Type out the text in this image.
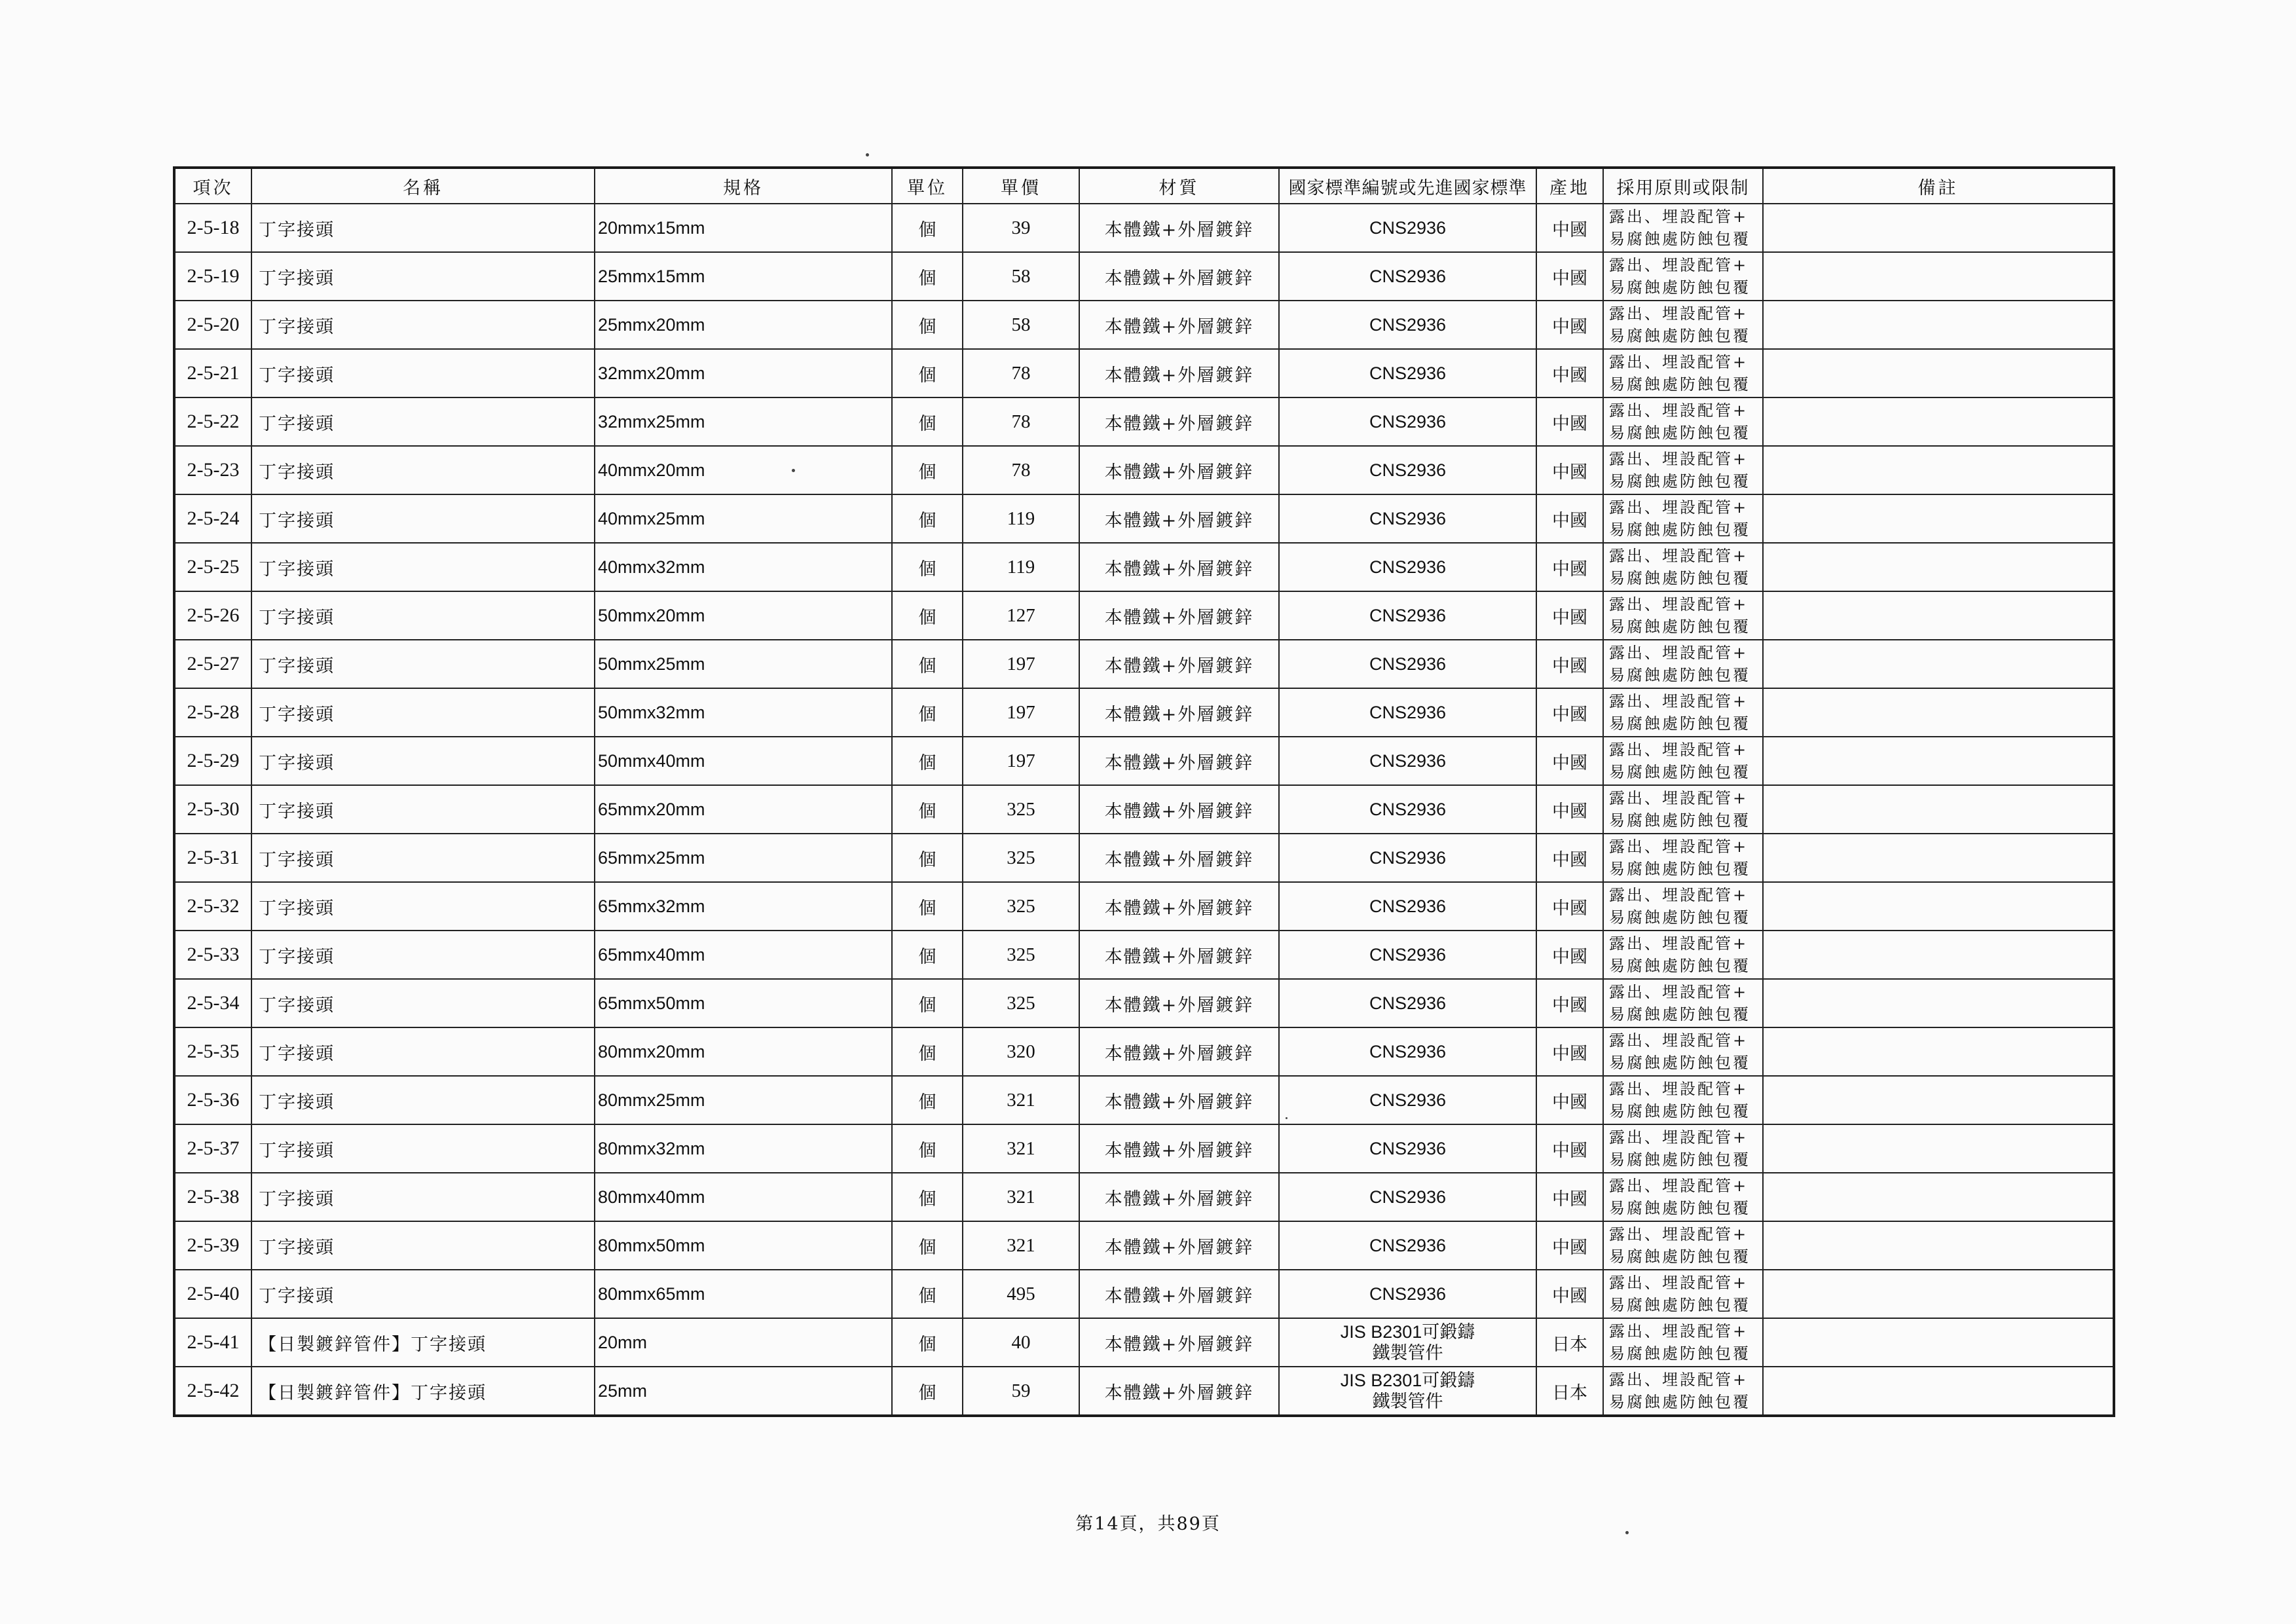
項次	名稱	規格	單位	單價	材質	國家標準編號或先進國家標準	產地	採用原則或限制	備註
2-5-18	丁字接頭	20mmx15mm	個	39	本體鐵+外層鍍鋅	CNS2936	中國	露出、埋設配管+
易腐蝕處防蝕包覆	

2-5-19	丁字接頭	25mmx15mm	個	58	本體鐵+外層鍍鋅	CNS2936	中國	露出、埋設配管+
易腐蝕處防蝕包覆	

2-5-20	丁字接頭	25mmx20mm	個	58	本體鐵+外層鍍鋅	CNS2936	中國	露出、埋設配管+
易腐蝕處防蝕包覆	

2-5-21	丁字接頭	32mmx20mm	個	78	本體鐵+外層鍍鋅	CNS2936	中國	露出、埋設配管+
易腐蝕處防蝕包覆	

2-5-22	丁字接頭	32mmx25mm	個	78	本體鐵+外層鍍鋅	CNS2936	中國	露出、埋設配管+
易腐蝕處防蝕包覆	

2-5-23	丁字接頭	40mmx20mm	個	78	本體鐵+外層鍍鋅	CNS2936	中國	露出、埋設配管+
易腐蝕處防蝕包覆	

2-5-24	丁字接頭	40mmx25mm	個	119	本體鐵+外層鍍鋅	CNS2936	中國	露出、埋設配管+
易腐蝕處防蝕包覆	

2-5-25	丁字接頭	40mmx32mm	個	119	本體鐵+外層鍍鋅	CNS2936	中國	露出、埋設配管+
易腐蝕處防蝕包覆	

2-5-26	丁字接頭	50mmx20mm	個	127	本體鐵+外層鍍鋅	CNS2936	中國	露出、埋設配管+
易腐蝕處防蝕包覆	

2-5-27	丁字接頭	50mmx25mm	個	197	本體鐵+外層鍍鋅	CNS2936	中國	露出、埋設配管+
易腐蝕處防蝕包覆	

2-5-28	丁字接頭	50mmx32mm	個	197	本體鐵+外層鍍鋅	CNS2936	中國	露出、埋設配管+
易腐蝕處防蝕包覆	

2-5-29	丁字接頭	50mmx40mm	個	197	本體鐵+外層鍍鋅	CNS2936	中國	露出、埋設配管+
易腐蝕處防蝕包覆	

2-5-30	丁字接頭	65mmx20mm	個	325	本體鐵+外層鍍鋅	CNS2936	中國	露出、埋設配管+
易腐蝕處防蝕包覆	

2-5-31	丁字接頭	65mmx25mm	個	325	本體鐵+外層鍍鋅	CNS2936	中國	露出、埋設配管+
易腐蝕處防蝕包覆	

2-5-32	丁字接頭	65mmx32mm	個	325	本體鐵+外層鍍鋅	CNS2936	中國	露出、埋設配管+
易腐蝕處防蝕包覆	

2-5-33	丁字接頭	65mmx40mm	個	325	本體鐵+外層鍍鋅	CNS2936	中國	露出、埋設配管+
易腐蝕處防蝕包覆	

2-5-34	丁字接頭	65mmx50mm	個	325	本體鐵+外層鍍鋅	CNS2936	中國	露出、埋設配管+
易腐蝕處防蝕包覆	

2-5-35	丁字接頭	80mmx20mm	個	320	本體鐵+外層鍍鋅	CNS2936	中國	露出、埋設配管+
易腐蝕處防蝕包覆	

2-5-36	丁字接頭	80mmx25mm	個	321	本體鐵+外層鍍鋅	CNS2936	中國	露出、埋設配管+
易腐蝕處防蝕包覆	

2-5-37	丁字接頭	80mmx32mm	個	321	本體鐵+外層鍍鋅	CNS2936	中國	露出、埋設配管+
易腐蝕處防蝕包覆	

2-5-38	丁字接頭	80mmx40mm	個	321	本體鐵+外層鍍鋅	CNS2936	中國	露出、埋設配管+
易腐蝕處防蝕包覆	

2-5-39	丁字接頭	80mmx50mm	個	321	本體鐵+外層鍍鋅	CNS2936	中國	露出、埋設配管+
易腐蝕處防蝕包覆	

2-5-40	丁字接頭	80mmx65mm	個	495	本體鐵+外層鍍鋅	CNS2936	中國	露出、埋設配管+
易腐蝕處防蝕包覆	

2-5-41	【日製鍍鋅管件】丁字接頭	20mm	個	40	本體鐵+外層鍍鋅	JIS B2301可鍛鑄
鐵製管件	日本	露出、埋設配管+
易腐蝕處防蝕包覆	

2-5-42	【日製鍍鋅管件】丁字接頭	25mm	個	59	本體鐵+外層鍍鋅	JIS B2301可鍛鑄
鐵製管件	日本	露出、埋設配管+
易腐蝕處防蝕包覆	

第14頁，共89頁
